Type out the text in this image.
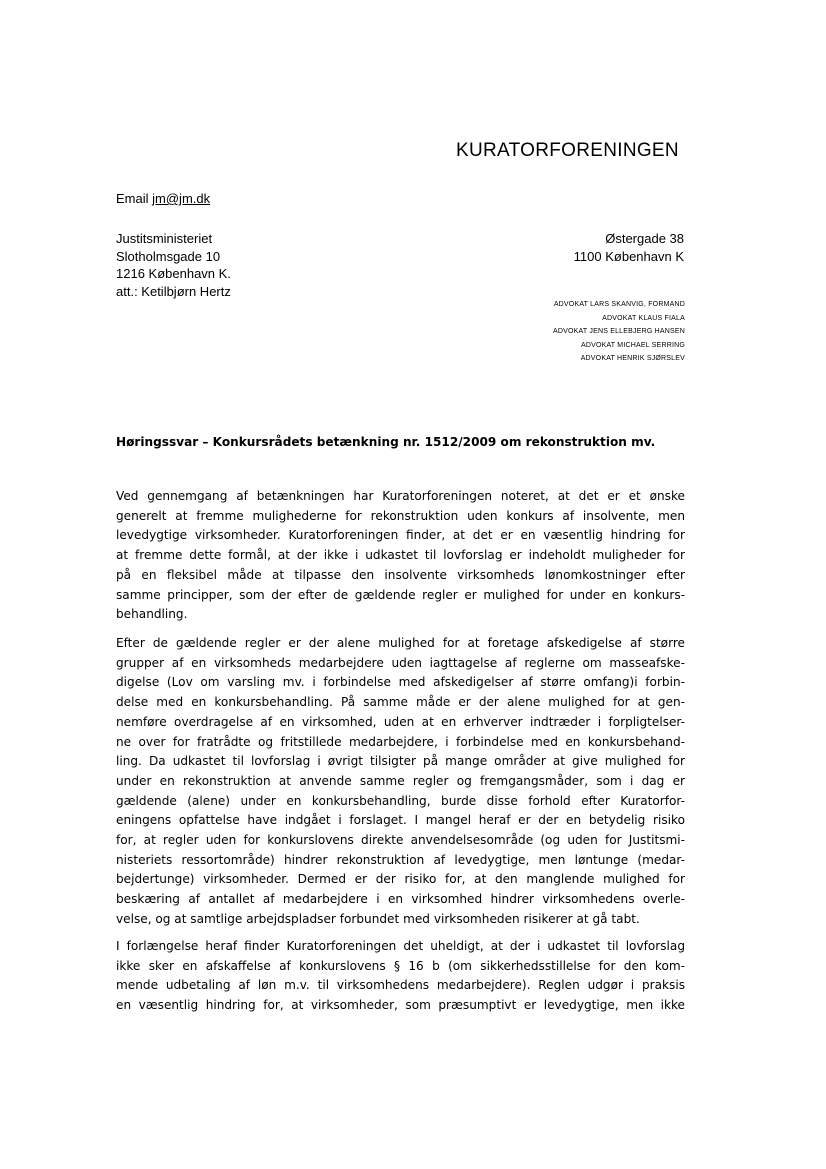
KURATORFORENINGEN
Email jm@jm.dk
Justitsministeriet
Slotholmsgade 10
1216 København K.
att.: Ketilbjørn Hertz
Østergade 38
1100 København K
ADVOKAT LARS SKANVIG, FORMAND
ADVOKAT KLAUS FIALA
ADVOKAT JENS ELLEBJERG HANSEN
ADVOKAT MICHAEL SERRING
ADVOKAT HENRIK SJØRSLEV
Høringssvar – Konkursrådets betænkning nr. 1512/2009 om rekonstruktion mv.
Ved gennemgang af betænkningen har Kuratorforeningen noteret, at det er et ønske
generelt at fremme mulighederne for rekonstruktion uden konkurs af insolvente, men
levedygtige virksomheder. Kuratorforeningen finder, at det er en væsentlig hindring for
at fremme dette formål, at der ikke i udkastet til lovforslag er indeholdt muligheder for
på en fleksibel måde at tilpasse den insolvente virksomheds lønomkostninger efter
samme principper, som der efter de gældende regler er mulighed for under en konkurs-
behandling.
Efter de gældende regler er der alene mulighed for at foretage afskedigelse af større
grupper af en virksomheds medarbejdere uden iagttagelse af reglerne om masseafske-
digelse (Lov om varsling mv. i forbindelse med afskedigelser af større omfang)i forbin-
delse med en konkursbehandling. På samme måde er der alene mulighed for at gen-
nemføre overdragelse af en virksomhed, uden at en erhverver indtræder i forpligtelser-
ne over for fratrådte og fritstillede medarbejdere, i forbindelse med en konkursbehand-
ling. Da udkastet til lovforslag i øvrigt tilsigter på mange områder at give mulighed for
under en rekonstruktion at anvende samme regler og fremgangsmåder, som i dag er
gældende (alene) under en konkursbehandling, burde disse forhold efter Kuratorfor-
eningens opfattelse have indgået i forslaget. I mangel heraf er der en betydelig risiko
for, at regler uden for konkurslovens direkte anvendelsesområde (og uden for Justitsmi-
nisteriets ressortområde) hindrer rekonstruktion af levedygtige, men løntunge (medar-
bejdertunge) virksomheder. Dermed er der risiko for, at den manglende mulighed for
beskæring af antallet af medarbejdere i en virksomhed hindrer virksomhedens overle-
velse, og at samtlige arbejdspladser forbundet med virksomheden risikerer at gå tabt.
I forlængelse heraf finder Kuratorforeningen det uheldigt, at der i udkastet til lovforslag
ikke sker en afskaffelse af konkurslovens § 16 b (om sikkerhedsstillelse for den kom-
mende udbetaling af løn m.v. til virksomhedens medarbejdere). Reglen udgør i praksis
en væsentlig hindring for, at virksomheder, som præsumptivt er levedygtige, men ikke
